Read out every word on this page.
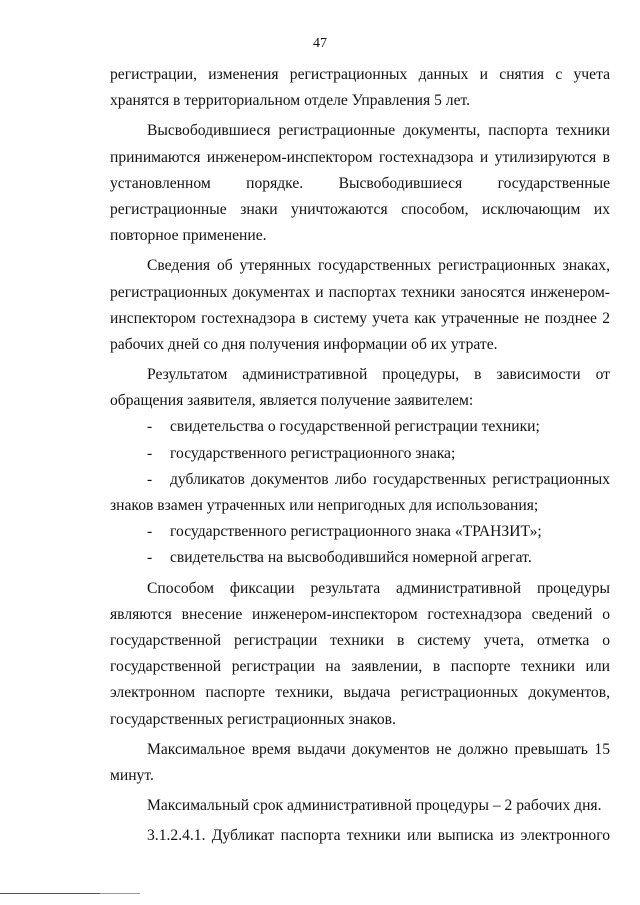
47
регистрации, изменения регистрационных данных и снятия с учета
хранятся в территориальном отделе Управления 5 лет.
Высвободившиеся регистрационные документы, паспорта техники
принимаются инженером-инспектором гостехнадзора и утилизируются в
установленном порядке. Высвободившиеся государственные
регистрационные знаки уничтожаются способом, исключающим их
повторное применение.
Сведения об утерянных государственных регистрационных знаках,
регистрационных документах и паспортах техники заносятся инженером-
инспектором гостехнадзора в систему учета как утраченные не позднее 2
рабочих дней со дня получения информации об их утрате.
Результатом административной процедуры, в зависимости от
обращения заявителя, является получение заявителем:
- свидетельства о государственной регистрации техники;
- государственного регистрационного знака;
- дубликатов документов либо государственных регистрационных
знаков взамен утраченных или непригодных для использования;
- государственного регистрационного знака «ТРАНЗИТ»;
- свидетельства на высвободившийся номерной агрегат.
Способом фиксации результата административной процедуры
являются внесение инженером-инспектором гостехнадзора сведений о
государственной регистрации техники в систему учета, отметка о
государственной регистрации на заявлении, в паспорте техники или
электронном паспорте техники, выдача регистрационных документов,
государственных регистрационных знаков.
Максимальное время выдачи документов не должно превышать 15
минут.
Максимальный срок административной процедуры – 2 рабочих дня.
3.1.2.4.1. Дубликат паспорта техники или выписка из электронного
